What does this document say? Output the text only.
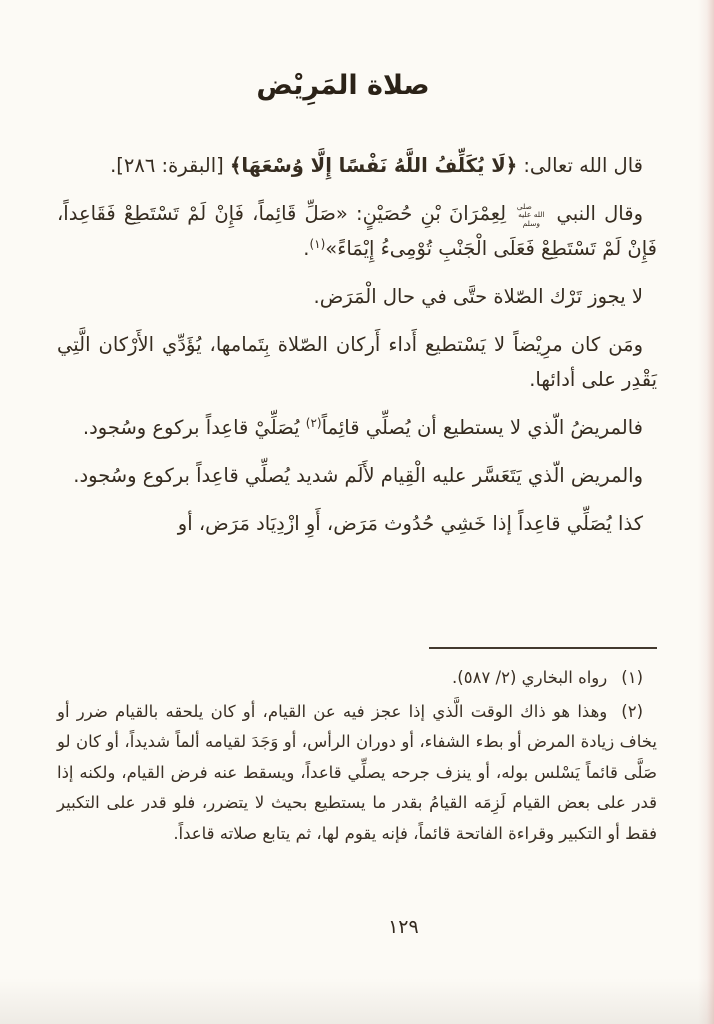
صلاة المَرِيْض

قال الله تعالى: ﴿لَا يُكَلِّفُ اللَّهُ نَفْسًا إِلَّا وُسْعَهَا﴾ [البقرة: ٢٨٦].

وقال النبي صلى الله عليه وسلم لِعِمْرَانَ بْنِ حُصَيْنٍ: «صَلِّ قَائِماً، فَإِنْ لَمْ تَسْتَطِعْ فَقَاعِداً، فَإِنْ لَمْ تَسْتَطِعْ فَعَلَى الْجَنْبِ تُوْمِىءُ إِيْمَاءً»$^{(١)}$.

لا يجوز تَرْك الصّلاة حتَّى في حال الْمَرَض.

ومَن كان مرِيْضاً لا يَسْتطيع أَداء أَركان الصّلاة بِتَمامها، يُؤَدِّي الأَرْكان الَّتِي يَقْدِر على أدائها.

فالمريضُ الّذي لا يستطيع أن يُصلِّي قائِماً$^{(٢)}$ يُصَلِّيْ قاعِداً بركوع وسُجود.

والمريض الّذي يَتَعَسَّر عليه الْقِيام لأَلَم شديد يُصلِّي قاعِداً بركوع وسُجود.

كذا يُصَلِّي قاعِداً إذا خَشِي حُدُوث مَرَض، أَوِ ازْدِيَاد مَرَض، أو

(١)رواه البخاري (٢/ ٥٨٧).

(٢)وهذا هو ذاك الوقت الَّذي إذا عجز فيه عن القيام، أو كان يلحقه بالقيام ضرر أو يخاف زيادة المرض أو بطء الشفاء، أو دوران الرأس، أو وَجَدَ لقيامه ألماً شديداً، أو كان لو صَلَّى قائماً يَسْلس بوله، أو ينزف جرحه يصلِّي قاعداً، ويسقط عنه فرض القيام، ولكنه إذا قدر على بعض القيام لَزِمَه القيامُ بقدر ما يستطيع بحيث لا يتضرر، فلو قدر على التكبير فقط أو التكبير وقراءة الفاتحة قائماً، فإنه يقوم لها، ثم يتابع صلاته قاعداً.

١٢٩
